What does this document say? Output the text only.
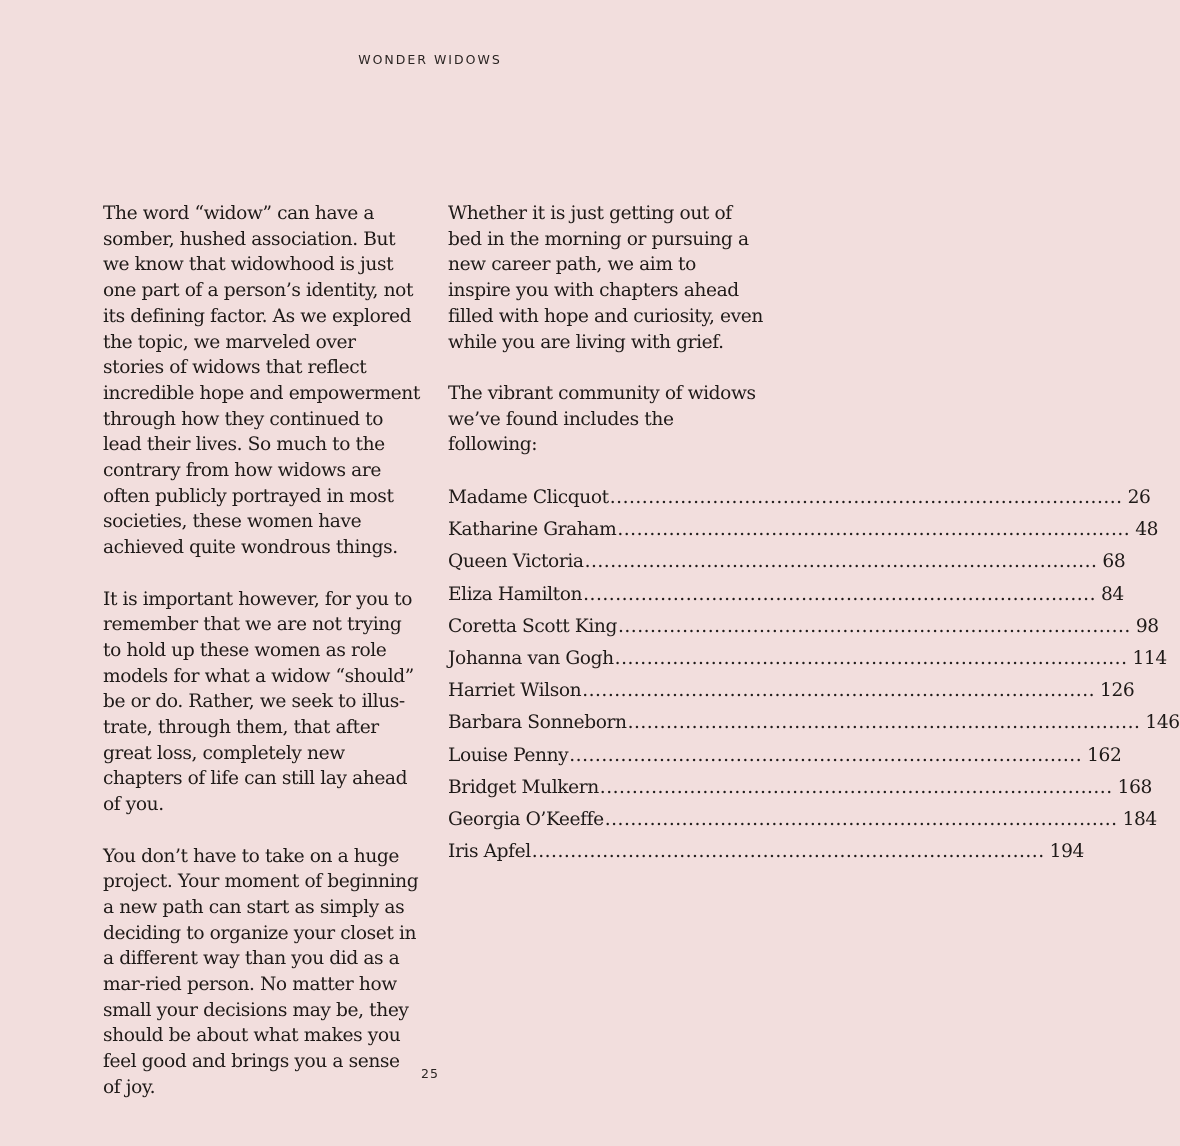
WONDER WIDOWS

The word “widow” can have a somber, hushed association. But we know that widowhood is just one part of a person’s identity, not its defining factor. As we explored the topic, we marveled over stories of widows that reflect incredible hope and empowerment through how they continued to lead their lives. So much to the contrary from how widows are often publicly portrayed in most societies, these women have achieved quite wondrous things.

It is important however, for you to remember that we are not trying to hold up these women as role models for what a widow “should” be or do. Rather, we seek to illus-trate, through them, that after great loss, completely new chapters of life can still lay ahead of you.

You don’t have to take on a huge project. Your moment of beginning a new path can start as simply as deciding to organize your closet in a different way than you did as a mar-ried person. No matter how small your decisions may be, they should be about what makes you feel good and brings you a sense of joy.

Whether it is just getting out of bed in the morning or pursuing a new career path, we aim to inspire you with chapters ahead filled with hope and curiosity, even while you are living with grief.

The vibrant community of widows we’ve found includes the following:

Madame Clicquot ................................................................................ 26
Katharine Graham ................................................................................ 48
Queen Victoria ................................................................................ 68
Eliza Hamilton ................................................................................ 84
Coretta Scott King ................................................................................ 98
Johanna van Gogh ................................................................................ 114
Harriet Wilson ................................................................................ 126
Barbara Sonneborn ................................................................................ 146
Louise Penny ................................................................................ 162
Bridget Mulkern ................................................................................ 168
Georgia O’Keeffe ................................................................................ 184
Iris Apfel ................................................................................ 194
25
